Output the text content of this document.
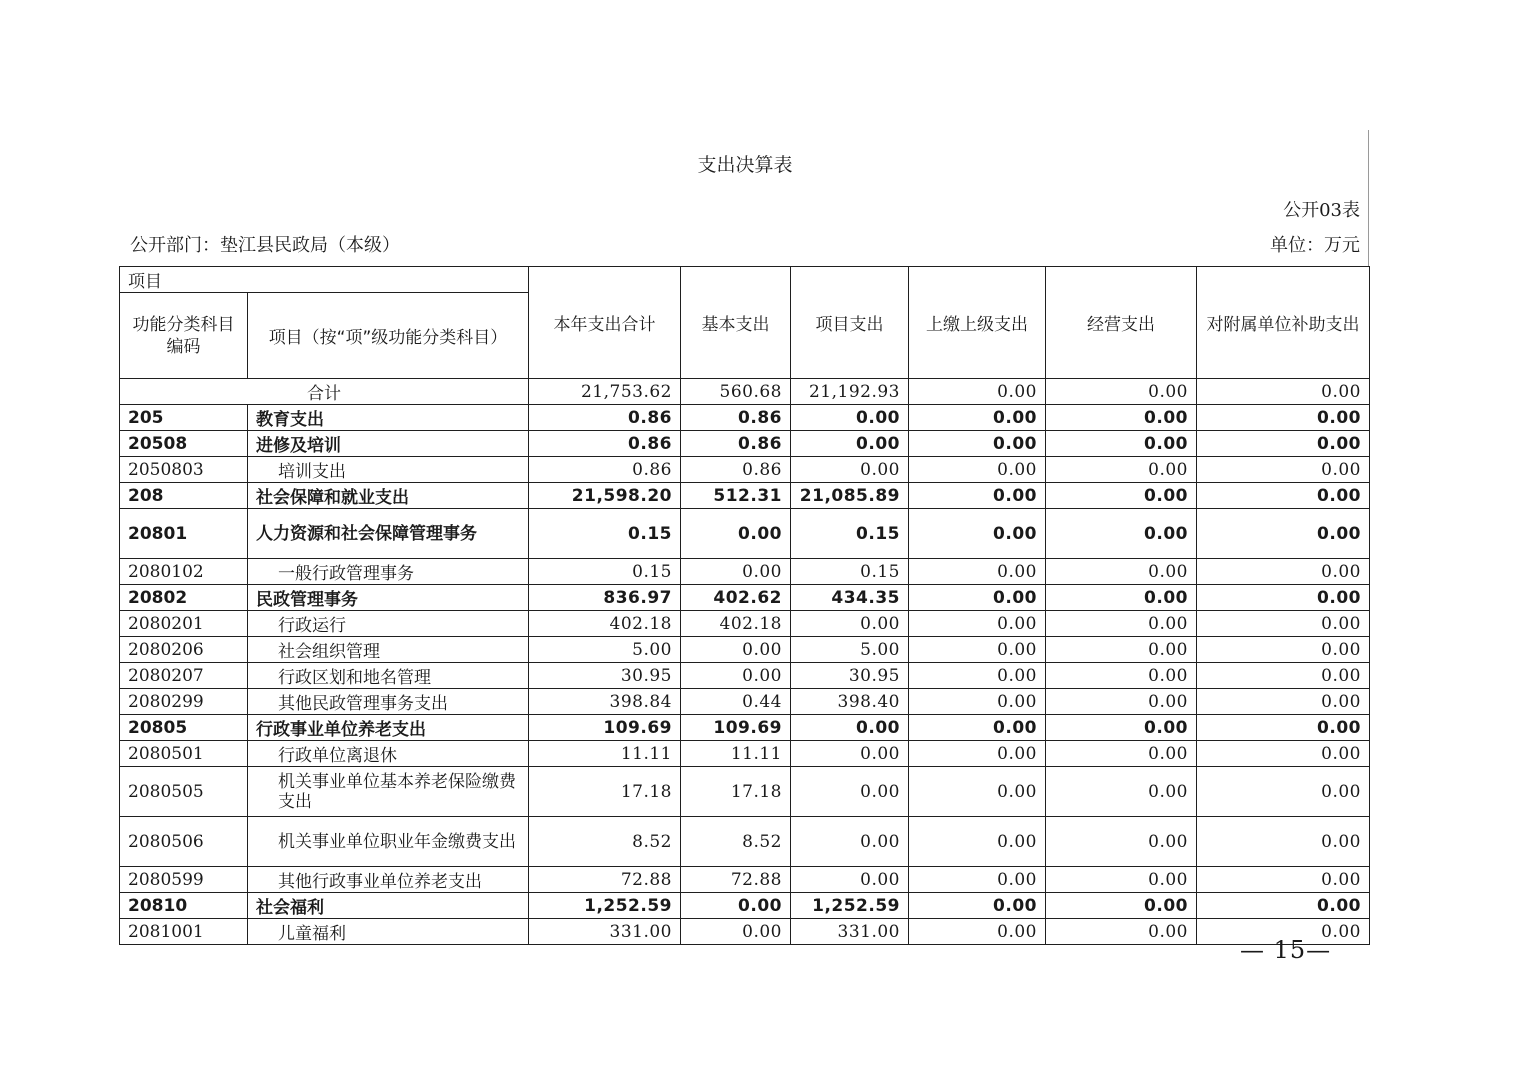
支出决算表
公开03表
公开部门：垫江县民政局（本级）	单位：万元
项目		本年支出合计	基本支出	项目支出	上缴上级支出	经营支出	对附属单位补助支出
功能分类科目编码	项目（按“项”级功能分类科目）						
合计		21,753.62	560.68	21,192.93	0.00	0.00	0.00
205	教育支出	0.86	0.86	0.00	0.00	0.00	0.00
20508	进修及培训	0.86	0.86	0.00	0.00	0.00	0.00
2050803	培训支出	0.86	0.86	0.00	0.00	0.00	0.00
208	社会保障和就业支出	21,598.20	512.31	21,085.89	0.00	0.00	0.00
20801	人力资源和社会保障管理事务	0.15	0.00	0.15	0.00	0.00	0.00
2080102	一般行政管理事务	0.15	0.00	0.15	0.00	0.00	0.00
20802	民政管理事务	836.97	402.62	434.35	0.00	0.00	0.00
2080201	行政运行	402.18	402.18	0.00	0.00	0.00	0.00
2080206	社会组织管理	5.00	0.00	5.00	0.00	0.00	0.00
2080207	行政区划和地名管理	30.95	0.00	30.95	0.00	0.00	0.00
2080299	其他民政管理事务支出	398.84	0.44	398.40	0.00	0.00	0.00
20805	行政事业单位养老支出	109.69	109.69	0.00	0.00	0.00	0.00
2080501	行政单位离退休	11.11	11.11	0.00	0.00	0.00	0.00
2080505	机关事业单位基本养老保险缴费支出	17.18	17.18	0.00	0.00	0.00	0.00
2080506	机关事业单位职业年金缴费支出	8.52	8.52	0.00	0.00	0.00	0.00
2080599	其他行政事业单位养老支出	72.88	72.88	0.00	0.00	0.00	0.00
20810	社会福利	1,252.59	0.00	1,252.59	0.00	0.00	0.00
2081001	儿童福利	331.00	0.00	331.00	0.00	0.00	0.00
— 15—
